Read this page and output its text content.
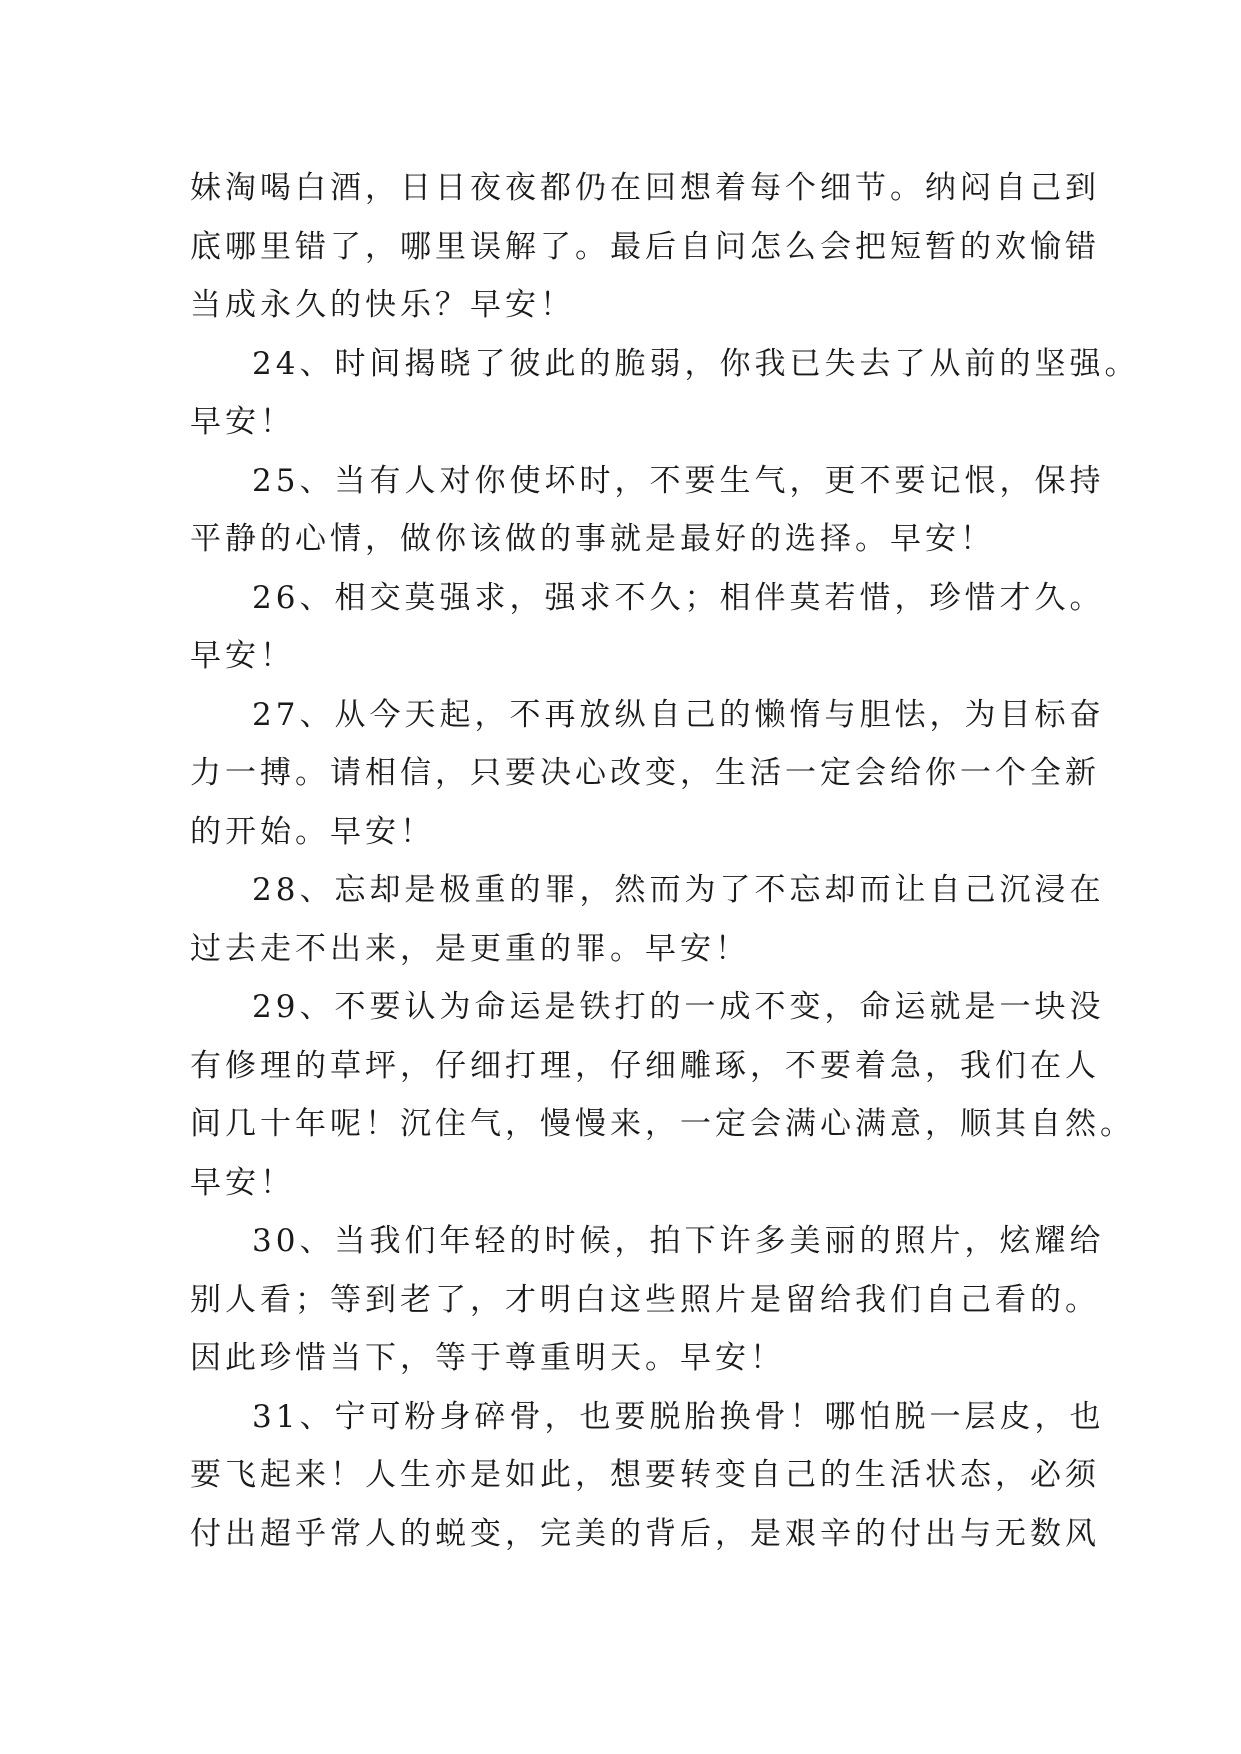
妹淘喝白酒，日日夜夜都仍在回想着每个细节。纳闷自己到
底哪里错了，哪里误解了。最后自问怎么会把短暂的欢愉错
当成永久的快乐？早安！
24、时间揭晓了彼此的脆弱，你我已失去了从前的坚强。
早安！
25、当有人对你使坏时，不要生气，更不要记恨，保持
平静的心情，做你该做的事就是最好的选择。早安！
26、相交莫强求，强求不久；相伴莫若惜，珍惜才久。
早安！
27、从今天起，不再放纵自己的懒惰与胆怯，为目标奋
力一搏。请相信，只要决心改变，生活一定会给你一个全新
的开始。早安！
28、忘却是极重的罪，然而为了不忘却而让自己沉浸在
过去走不出来，是更重的罪。早安！
29、不要认为命运是铁打的一成不变，命运就是一块没
有修理的草坪，仔细打理，仔细雕琢，不要着急，我们在人
间几十年呢！沉住气，慢慢来，一定会满心满意，顺其自然。
早安！
30、当我们年轻的时候，拍下许多美丽的照片，炫耀给
别人看；等到老了，才明白这些照片是留给我们自己看的。
因此珍惜当下，等于尊重明天。早安！
31、宁可粉身碎骨，也要脱胎换骨！哪怕脱一层皮，也
要飞起来！人生亦是如此，想要转变自己的生活状态，必须
付出超乎常人的蜕变，完美的背后，是艰辛的付出与无数风
